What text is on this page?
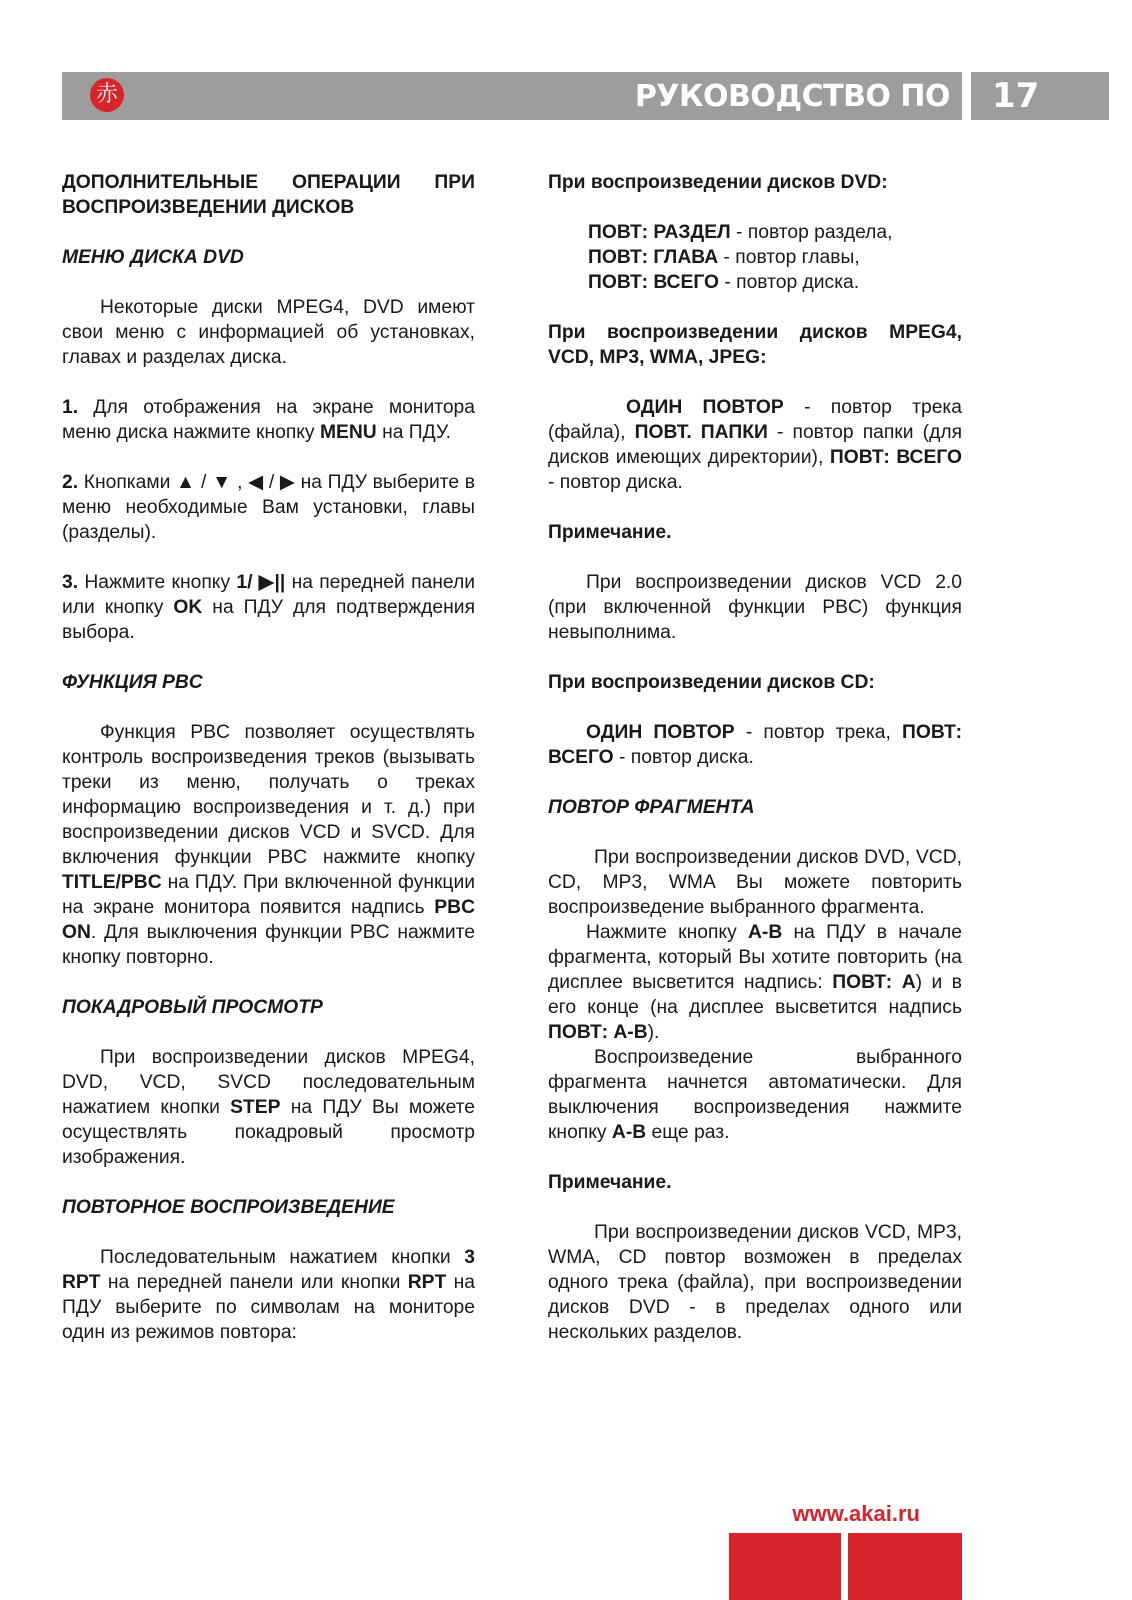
赤	РУКОВОДСТВО ПО ЭКСПЛУАТАЦИИ
17

ДОПОЛНИТЕЛЬНЫЕ ОПЕРАЦИИ ПРИ ВОСПРОИЗВЕДЕНИИ ДИСКОВ

МЕНЮ ДИСКА DVD

Некоторые диски MPEG4, DVD имеют свои меню с информацией об установках, главах и разделах диска.

1. Для отображения на экране монитора меню диска нажмите кнопку MENU на ПДУ.

2. Кнопками ▲ / ▼ , ◀ / ▶ на ПДУ выберите в меню необходимые Вам установки, главы (разделы).

3. Нажмите кнопку 1/ ▶|| на передней панели или кнопку OK на ПДУ для подтверждения выбора.

ФУНКЦИЯ PBC

Функция PBC позволяет осуществлять контроль воспроизведения треков (вызывать треки из меню, получать о треках информацию воспроизведения и т. д.) при воспроизведении дисков VCD и SVCD. Для включения функции PBC нажмите кнопку TITLE/PBC на ПДУ. При включенной функции на экране монитора появится надпись PBC ON. Для выключения функции PBC нажмите кнопку повторно.

ПОКАДРОВЫЙ ПРОСМОТР

При воспроизведении дисков MPEG4, DVD, VCD, SVCD последовательным нажатием кнопки STEP на ПДУ Вы можете осуществлять покадровый просмотр изображения.

ПОВТОРНОЕ ВОСПРОИЗВЕДЕНИЕ

Последовательным нажатием кнопки 3 RPT на передней панели или кнопки RPT на ПДУ выберите по символам на мониторе один из режимов повтора:

При воспроизведении дисков DVD:

ПОВТ: РАЗДЕЛ - повтор раздела,
ПОВТ: ГЛАВА - повтор главы,
ПОВТ: ВСЕГО - повтор диска.

При воспроизведении дисков MPEG4, VCD, MP3, WMA, JPEG:

ОДИН ПОВТОР - повтор трека (файла), ПОВТ. ПАПКИ - повтор папки (для дисков имеющих директории), ПОВТ: ВСЕГО - повтор диска.

Примечание.

При воспроизведении дисков VCD 2.0 (при включенной функции PBC) функция невыполнима.

При воспроизведении дисков CD:

ОДИН ПОВТОР - повтор трека, ПОВТ: ВСЕГО - повтор диска.

ПОВТОР ФРАГМЕНТА

При воспроизведении дисков DVD, VCD, CD, MP3, WMA Вы можете повторить воспроизведение выбранного фрагмента.

Нажмите кнопку A-B на ПДУ в начале фрагмента, который Вы хотите повторить (на дисплее высветится надпись: ПОВТ: A) и в его конце (на дисплее высветится надпись ПОВТ: A-B).

Воспроизведение выбранного фрагмента начнется автоматически. Для выключения воспроизведения нажмите кнопку A-B еще раз.

Примечание.

При воспроизведении дисков VCD, MP3, WMA, CD повтор возможен в пределах одного трека (файла), при воспроизведении дисков DVD - в пределах одного или нескольких разделов.

www.akai.ru
